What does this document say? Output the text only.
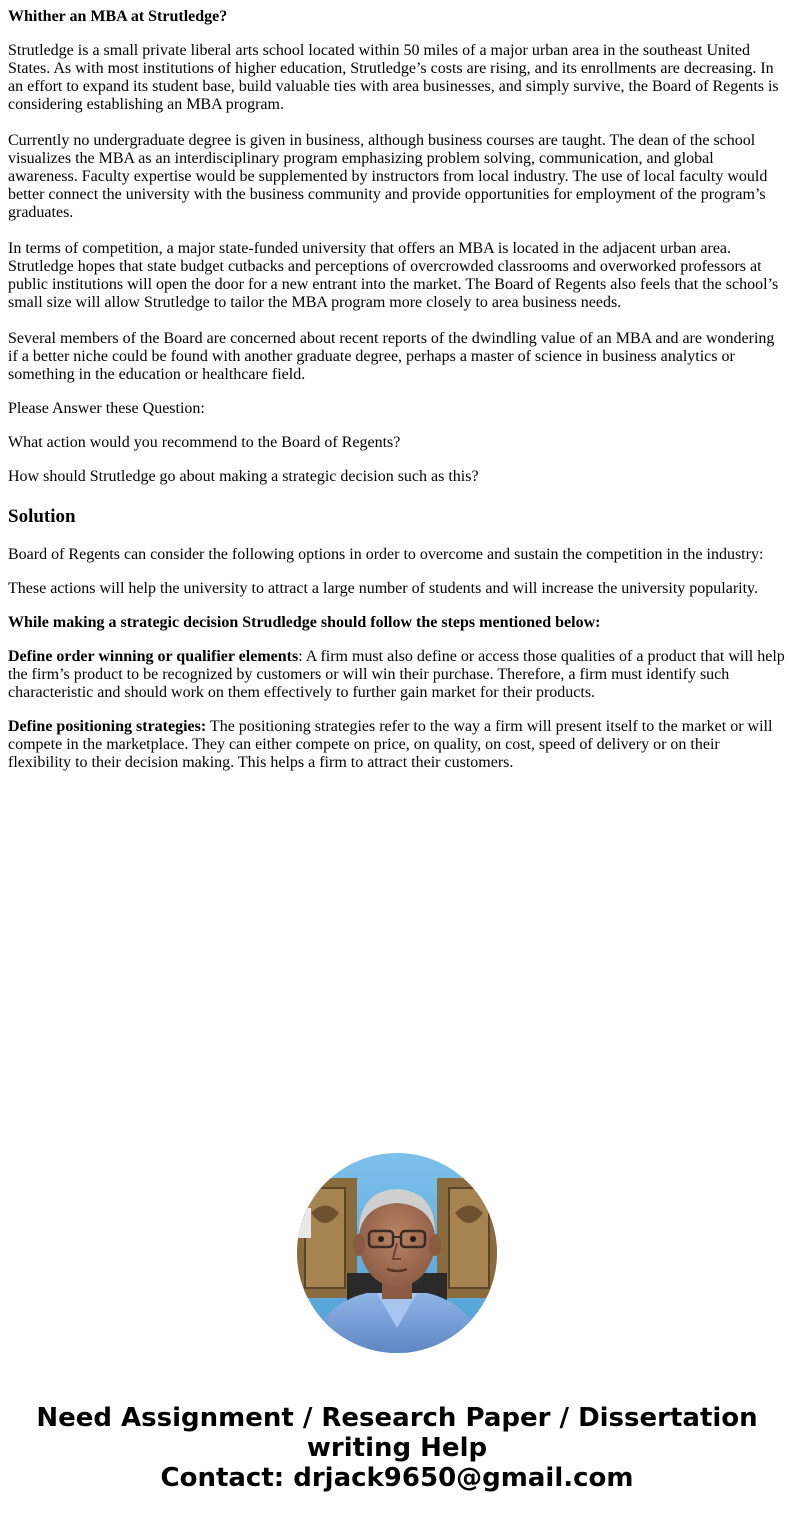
Whither an MBA at Strutledge?

Strutledge is a small private liberal arts school located within 50 miles of a major urban area in the southeast United States. As with most institutions of higher education, Strutledge’s costs are rising, and its enrollments are decreasing. In an effort to expand its student base, build valuable ties with area businesses, and simply survive, the Board of Regents is considering establishing an MBA program.

Currently no undergraduate degree is given in business, although business courses are taught. The dean of the school visualizes the MBA as an interdisciplinary program emphasizing problem solving, communication, and global awareness. Faculty expertise would be supplemented by instructors from local industry. The use of local faculty would better connect the university with the business community and provide opportunities for employment of the program’s graduates.

In terms of competition, a major state-funded university that offers an MBA is located in the adjacent urban area. Strutledge hopes that state budget cutbacks and perceptions of overcrowded classrooms and overworked professors at public institutions will open the door for a new entrant into the market. The Board of Regents also feels that the school’s small size will allow Strutledge to tailor the MBA program more closely to area business needs.

Several members of the Board are concerned about recent reports of the dwindling value of an MBA and are wondering if a better niche could be found with another graduate degree, perhaps a master of science in business analytics or something in the education or healthcare field.

Please Answer these Question:

What action would you recommend to the Board of Regents?

How should Strutledge go about making a strategic decision such as this?

Solution

Board of Regents can consider the following options in order to overcome and sustain the competition in the industry:

These actions will help the university to attract a large number of students and will increase the university popularity.

While making a strategic decision Strudledge should follow the steps mentioned below:

Define order winning or qualifier elements: A firm must also define or access those qualities of a product that will help the firm’s product to be recognized by customers or will win their purchase. Therefore, a firm must identify such characteristic and should work on them effectively to further gain market for their products.

Define positioning strategies: The positioning strategies refer to the way a firm will present itself to the market or will compete in the marketplace. They can either compete on price, on quality, on cost, speed of delivery or on their flexibility to their decision making. This helps a firm to attract their customers.

Need Assignment / Research Paper / Dissertation
writing Help
Contact: drjack9650@gmail.com
